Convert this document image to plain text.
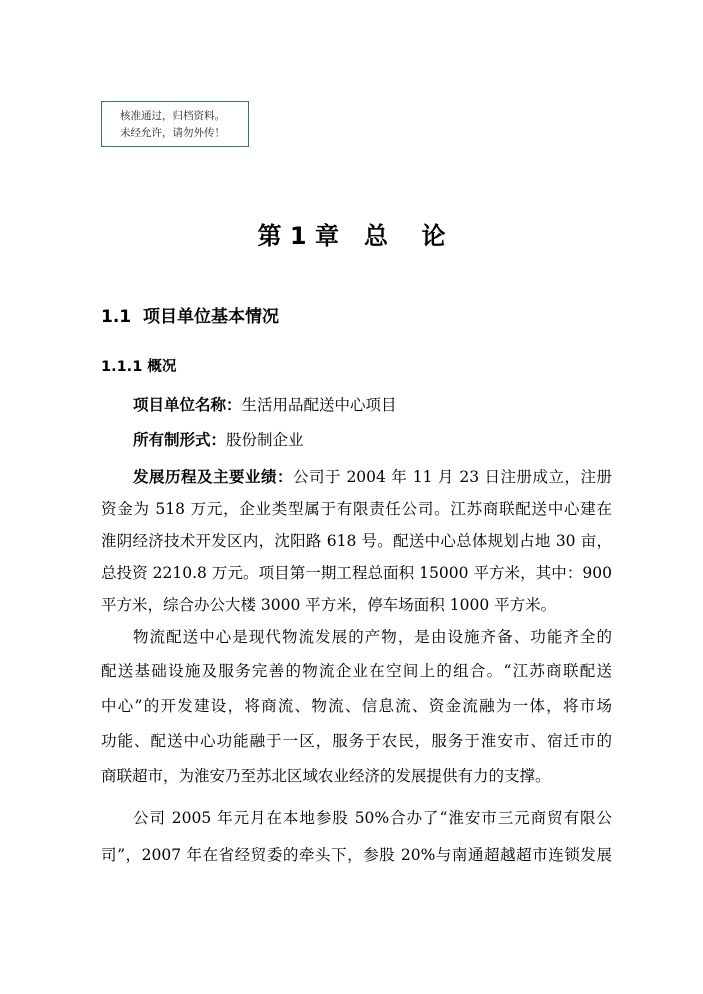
核准通过，归档资料。
未经允许，请勿外传！
第 1 章   总    论
1.1  项目单位基本情况
1.1.1 概况
项目单位名称：生活用品配送中心项目
所有制形式：股份制企业
发展历程及主要业绩：公司于 2004 年 11 月 23 日注册成立，注册
资金为 518 万元，企业类型属于有限责任公司。江苏商联配送中心建在
淮阴经济技术开发区内，沈阳路 618 号。配送中心总体规划占地 30 亩，
总投资 2210.8 万元。项目第一期工程总面积 15000 平方米，其中：900
平方米，综合办公大楼 3000 平方米，停车场面积 1000 平方米。
物流配送中心是现代物流发展的产物，是由设施齐备、功能齐全的
配送基础设施及服务完善的物流企业在空间上的组合。“江苏商联配送
中心”的开发建设，将商流、物流、信息流、资金流融为一体，将市场
功能、配送中心功能融于一区，服务于农民，服务于淮安市、宿迁市的
商联超市，为淮安乃至苏北区域农业经济的发展提供有力的支撑。
公司 2005 年元月在本地参股 50%合办了“淮安市三元商贸有限公
司”，2007 年在省经贸委的牵头下，参股 20%与南通超越超市连锁发展
